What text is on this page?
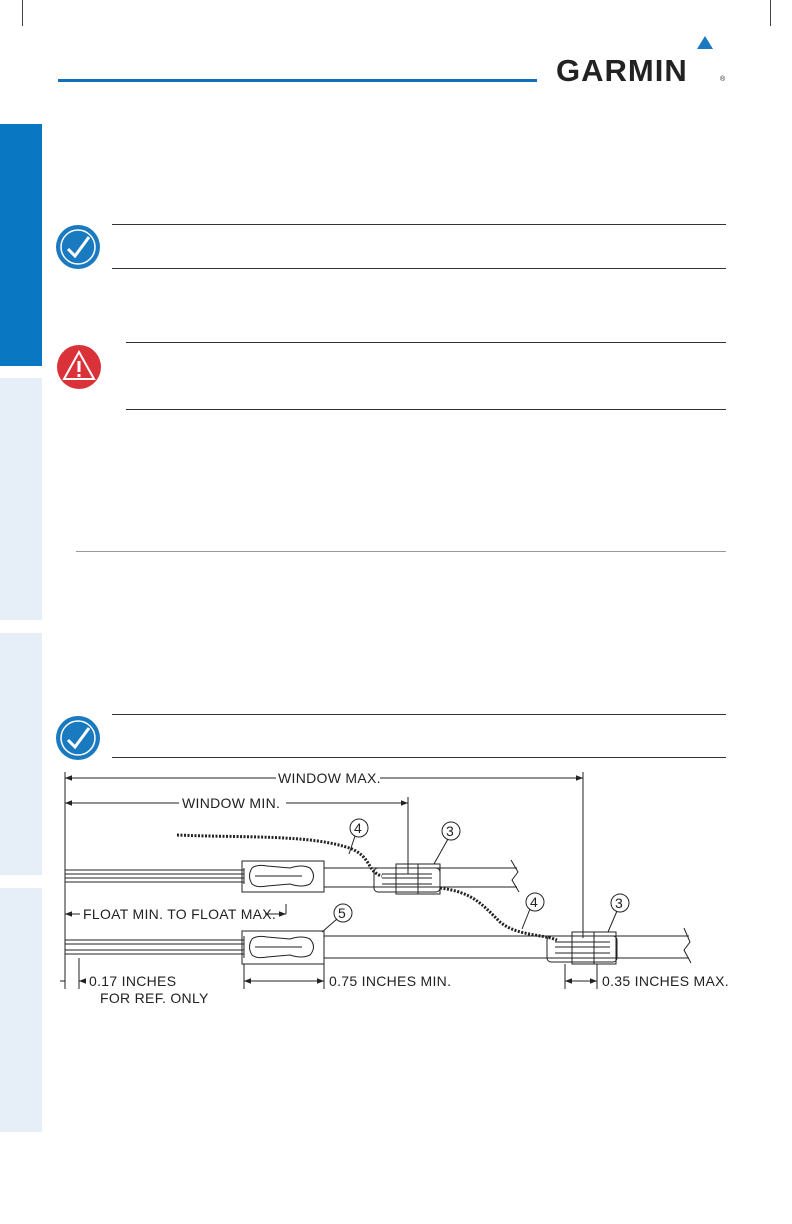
GARMIN	®
WINDOW MAX.
WINDOW MIN.
FLOAT MIN. TO FLOAT MAX.
0.17 INCHES
FOR REF. ONLY
0.75 INCHES MIN.	0.35 INCHES MAX.
4	3
5
4	3
